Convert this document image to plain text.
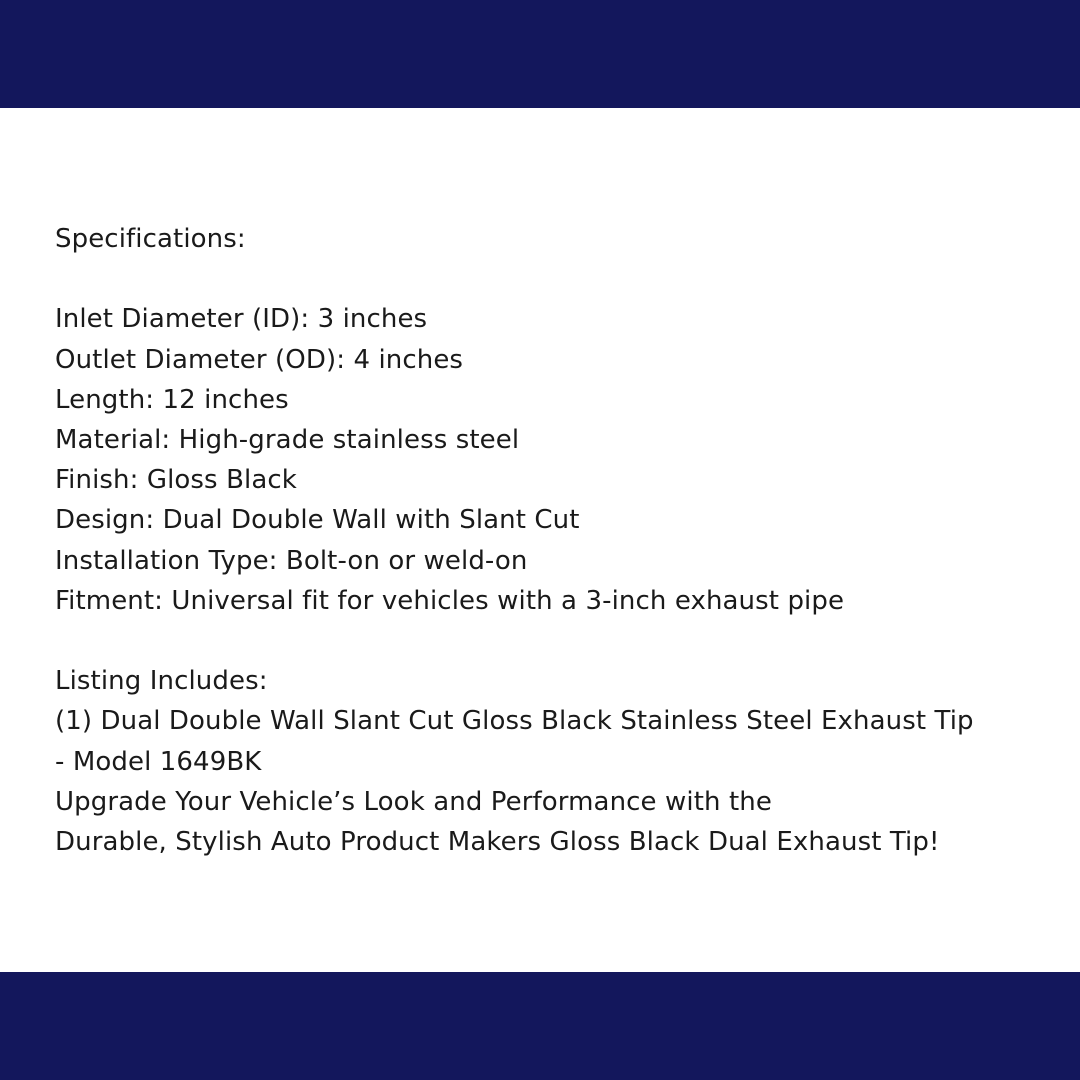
Specifications:
Inlet Diameter (ID): 3 inches
Outlet Diameter (OD): 4 inches
Length: 12 inches
Material: High-grade stainless steel
Finish: Gloss Black
Design: Dual Double Wall with Slant Cut
Installation Type: Bolt-on or weld-on
Fitment: Universal fit for vehicles with a 3-inch exhaust pipe
Listing Includes:
(1) Dual Double Wall Slant Cut Gloss Black Stainless Steel Exhaust Tip
- Model 1649BK
Upgrade Your Vehicle’s Look and Performance with the
Durable, Stylish Auto Product Makers Gloss Black Dual Exhaust Tip!
